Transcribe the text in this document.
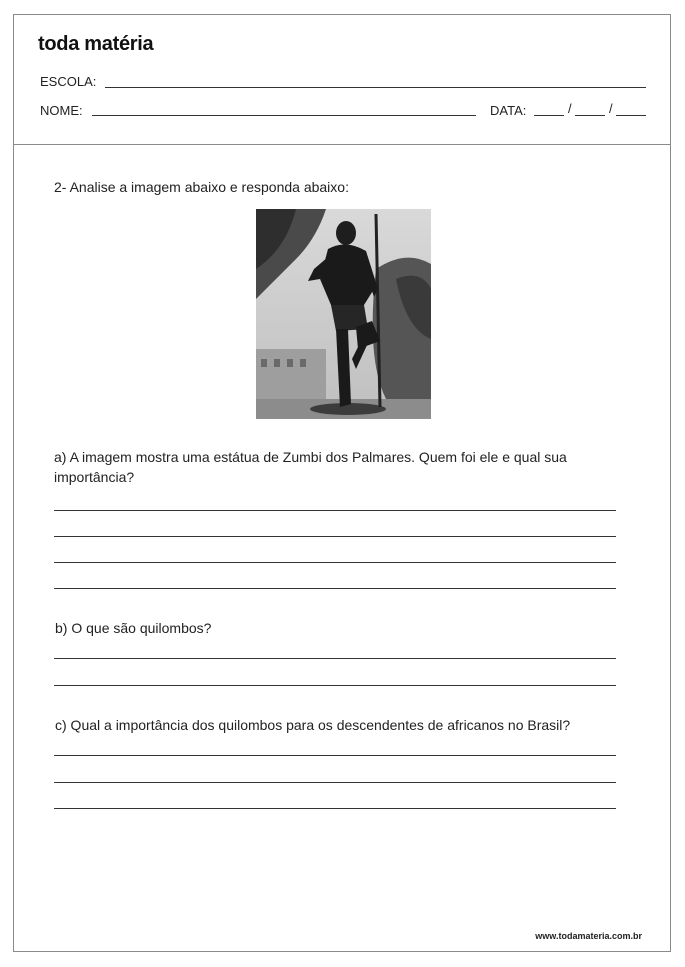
toda matéria
ESCOLA:
NOME:	DATA:	/	/
2- Analise a imagem abaixo e responda abaixo:
a) A imagem mostra uma estátua de Zumbi dos Palmares. Quem foi ele e qual sua importância?
b) O que são quilombos?
c) Qual a importância dos quilombos para os descendentes de africanos no Brasil?
www.todamateria.com.br
